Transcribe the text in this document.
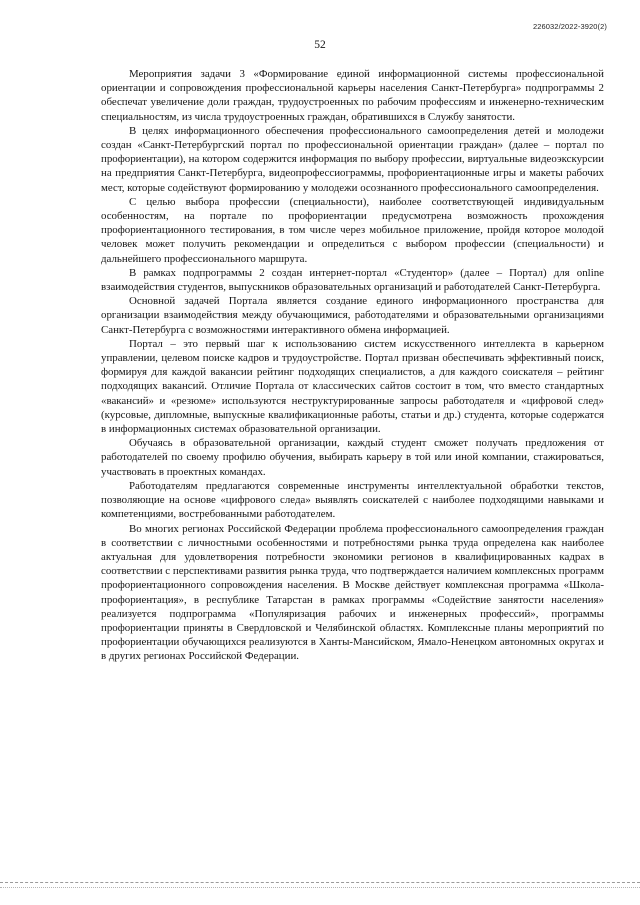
226032/2022-3920(2)
52

Мероприятия задачи 3 «Формирование единой информационной системы профессиональной ориентации и сопровождения профессиональной карьеры населения Санкт-Петербурга» подпрограммы 2 обеспечат увеличение доли граждан, трудоустроенных по рабочим профессиям и инженерно-техническим специальностям, из числа трудоустроенных граждан, обратившихся в Службу занятости.

В целях информационного обеспечения профессионального самоопределения детей и молодежи создан «Санкт-Петербургский портал по профессиональной ориентации граждан» (далее – портал по профориентации), на котором содержится информация по выбору профессии, виртуальные видеоэкскурсии на предприятия Санкт-Петербурга, видеопрофессиограммы, профориентационные игры и макеты рабочих мест, которые содействуют формированию у молодежи осознанного профессионального самоопределения.

С целью выбора профессии (специальности), наиболее соответствующей индивидуальным особенностям, на портале по профориентации предусмотрена возможность прохождения профориентационного тестирования, в том числе через мобильное приложение, пройдя которое молодой человек может получить рекомендации и определиться с выбором профессии (специальности) и дальнейшего профессионального маршрута.

В рамках подпрограммы 2 создан интернет-портал «Студентор» (далее – Портал) для online взаимодействия студентов, выпускников образовательных организаций и работодателей Санкт-Петербурга.

Основной задачей Портала является создание единого информационного пространства для организации взаимодействия между обучающимися, работодателями и образовательными организациями Санкт-Петербурга с возможностями интерактивного обмена информацией.

Портал – это первый шаг к использованию систем искусственного интеллекта в карьерном управлении, целевом поиске кадров и трудоустройстве. Портал призван обеспечивать эффективный поиск, формируя для каждой вакансии рейтинг подходящих специалистов, а для каждого соискателя – рейтинг подходящих вакансий. Отличие Портала от классических сайтов состоит в том, что вместо стандартных «вакансий» и «резюме» используются неструктурированные запросы работодателя и «цифровой след» (курсовые, дипломные, выпускные квалификационные работы, статьи и др.) студента, которые содержатся в информационных системах образовательной организации.

Обучаясь в образовательной организации, каждый студент сможет получать предложения от работодателей по своему профилю обучения, выбирать карьеру в той или иной компании, стажироваться, участвовать в проектных командах.

Работодателям предлагаются современные инструменты интеллектуальной обработки текстов, позволяющие на основе «цифрового следа» выявлять соискателей с наиболее подходящими навыками и компетенциями, востребованными работодателем.

Во многих регионах Российской Федерации проблема профессионального самоопределения граждан в соответствии с личностными особенностями и потребностями рынка труда определена как наиболее актуальная для удовлетворения потребности экономики регионов в квалифицированных кадрах в соответствии с перспективами развития рынка труда, что подтверждается наличием комплексных программ профориентационного сопровождения населения. В Москве действует комплексная программа «Школа-профориентация», в республике Татарстан в рамках программы «Содействие занятости населения» реализуется подпрограмма «Популяризация рабочих и инженерных профессий», программы профориентации приняты в Свердловской и Челябинской областях. Комплексные планы мероприятий по профориентации обучающихся реализуются в Ханты-Мансийском, Ямало-Ненецком автономных округах и в других регионах Российской Федерации.
